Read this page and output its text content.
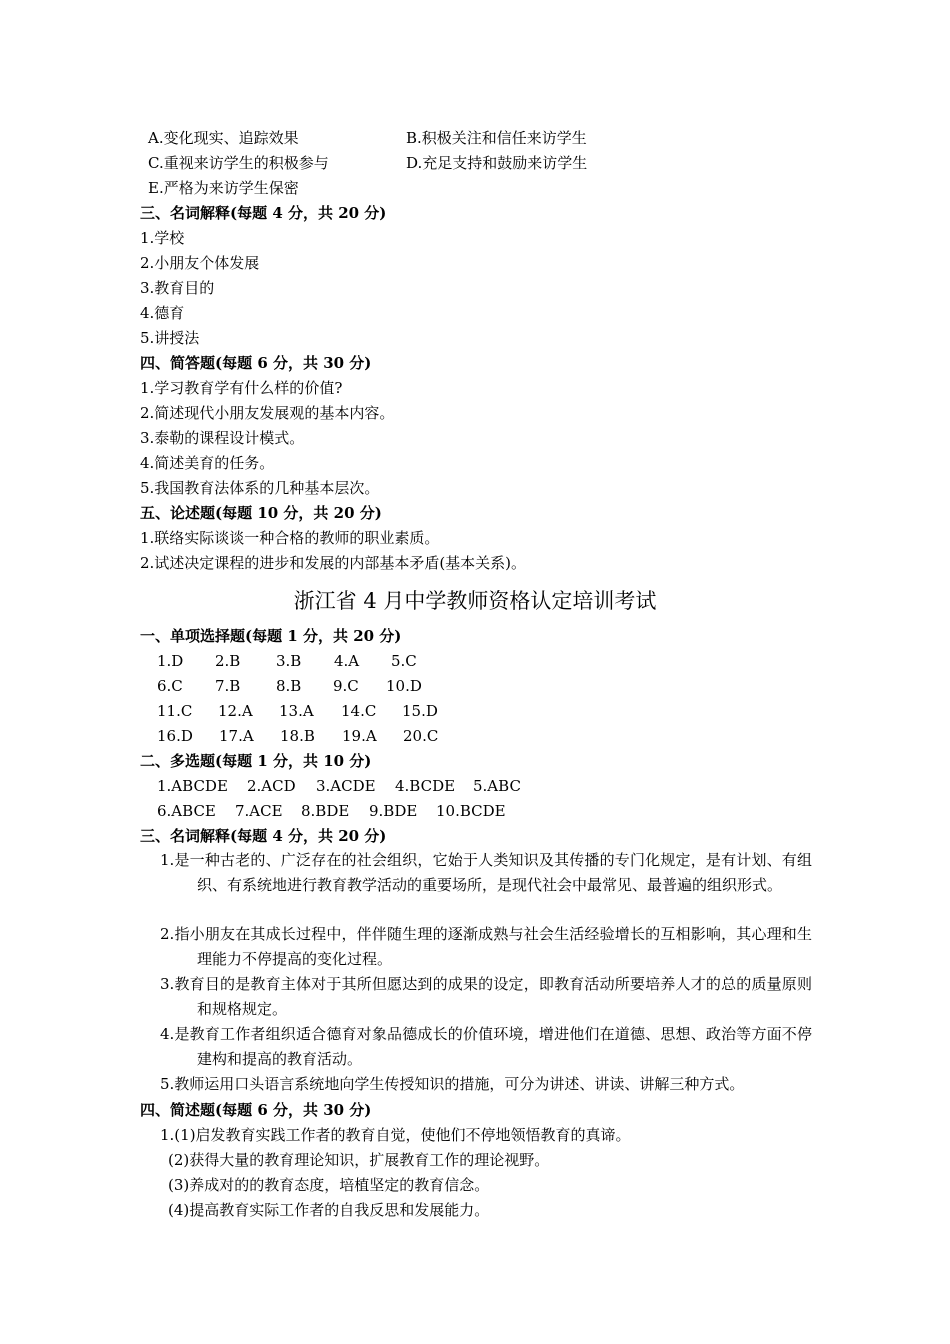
A.变化现实、追踪效果	B.积极关注和信任来访学生
C.重视来访学生的积极参与	D.充足支持和鼓励来访学生
E.严格为来访学生保密
三、名词解释(每题 4 分，共 20 分)
1.学校
2.小朋友个体发展
3.教育目的
4.德育
5.讲授法
四、简答题(每题 6 分，共 30 分)
1.学习教育学有什么样的价值?
2.简述现代小朋友发展观的基本内容。
3.泰勒的课程设计模式。
4.简述美育的任务。
5.我国教育法体系的几种基本层次。
五、论述题(每题 10 分，共 20 分)
1.联络实际谈谈一种合格的教师的职业素质。
2.试述决定课程的进步和发展的内部基本矛盾(基本关系)。
浙江省 4 月中学教师资格认定培训考试
一、单项选择题(每题 1 分，共 20 分)
1.D 2.B 3.B 4.A 5.C
6.C 7.B 8.B 9.C 10.D
11.C 12.A 13.A 14.C 15.D
16.D 17.A 18.B 19.A 20.C
二、多选题(每题 1 分，共 10 分)
1.ABCDE 2.ACD 3.ACDE 4.BCDE 5.ABC
6.ABCE 7.ACE 8.BDE 9.BDE 10.BCDE
三、名词解释(每题 4 分，共 20 分)
1.是一种古老的、广泛存在的社会组织，它始于人类知识及其传播的专门化规定，是有计划、有组织、有系统地进行教育教学活动的重要场所，是现代社会中最常见、最普遍的组织形式。
2.指小朋友在其成长过程中，伴伴随生理的逐渐成熟与社会生活经验增长的互相影响，其心理和生理能力不停提高的变化过程。
3.教育目的是教育主体对于其所但愿达到的成果的设定，即教育活动所要培养人才的总的质量原则和规格规定。
4.是教育工作者组织适合德育对象品德成长的价值环境，增进他们在道德、思想、政治等方面不停建构和提高的教育活动。
5.教师运用口头语言系统地向学生传授知识的措施，可分为讲述、讲读、讲解三种方式。
四、简述题(每题 6 分，共 30 分)
1.(1)启发教育实践工作者的教育自觉，使他们不停地领悟教育的真谛。
(2)获得大量的教育理论知识，扩展教育工作的理论视野。
(3)养成对的的教育态度，培植坚定的教育信念。
(4)提高教育实际工作者的自我反思和发展能力。
